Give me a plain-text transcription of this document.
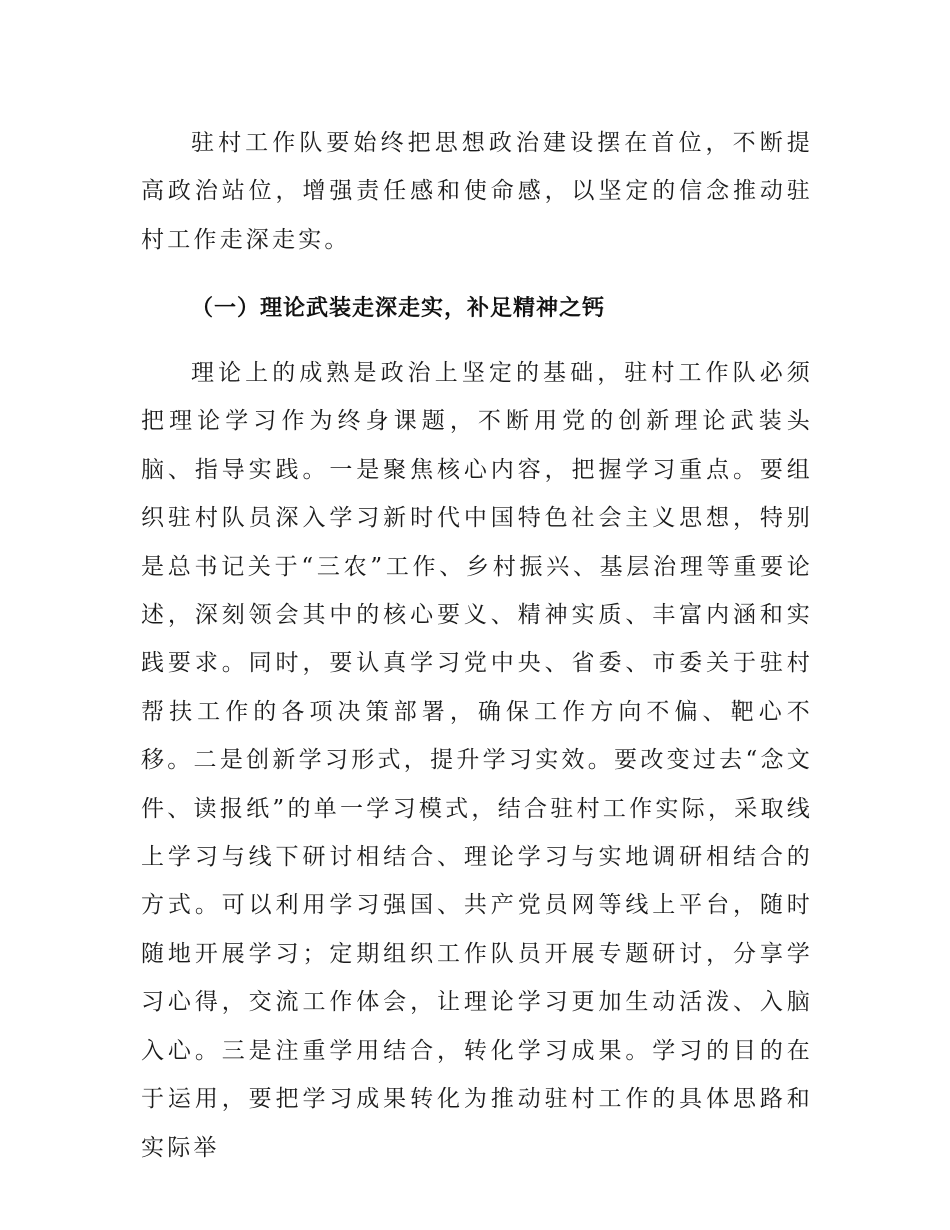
驻村工作队要始终把思想政治建设摆在首位，不断提高政治站位，增强责任感和使命感，以坚定的信念推动驻村工作走深走实。

（一）理论武装走深走实，补足精神之钙

理论上的成熟是政治上坚定的基础，驻村工作队必须把理论学习作为终身课题，不断用党的创新理论武装头脑、指导实践。一是聚焦核心内容，把握学习重点。要组织驻村队员深入学习新时代中国特色社会主义思想，特别是总书记关于“三农”工作、乡村振兴、基层治理等重要论述，深刻领会其中的核心要义、精神实质、丰富内涵和实践要求。同时，要认真学习党中央、省委、市委关于驻村帮扶工作的各项决策部署，确保工作方向不偏、靶心不移。二是创新学习形式，提升学习实效。要改变过去“念文件、读报纸”的单一学习模式，结合驻村工作实际，采取线上学习与线下研讨相结合、理论学习与实地调研相结合的方式。可以利用学习强国、共产党员网等线上平台，随时随地开展学习；定期组织工作队员开展专题研讨，分享学习心得，交流工作体会，让理论学习更加生动活泼、入脑入心。三是注重学用结合，转化学习成果。学习的目的在于运用，要把学习成果转化为推动驻村工作的具体思路和实际举
